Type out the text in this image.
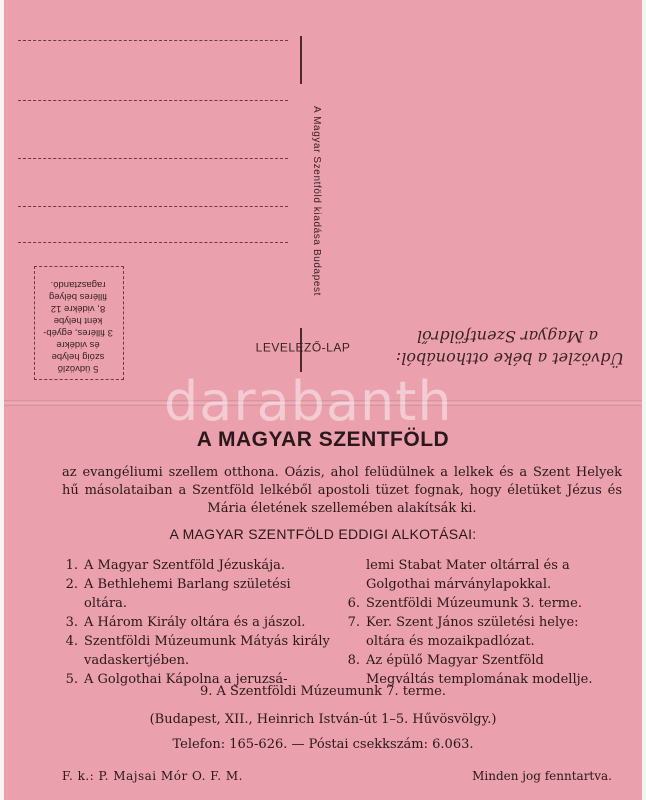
A Magyar Szentföld kiadása Budapest
LEVELEZŐ-LAP
5 üdvözlő
szóig helybe
és vidékre
3 filléres, egyéb-
ként helybe
8, vidékre 12
filléres bélyeg
ragasztandó.
Üdvözlet a béke otthonából:
a Magyar Szentföldről
A MAGYAR SZENTFÖLD
az evangéliumi szellem otthona. Oázis, ahol felüdülnek a lelkek és a Szent Helyek hű másolataiban a Szentföld lelkéből apostoli tüzet fognak, hogy életüket Jézus és Mária életének szellemében alakítsák ki.
A MAGYAR SZENTFÖLD EDDIGI ALKOTÁSAI:
1. A Magyar Szentföld Jézuskája.
2. A Bethlehemi Barlang születési oltára.
3. A Három Király oltára és a jászol.
4. Szentföldi Múzeumunk Mátyás király vadaskertjében.
5. A Golgothai Kápolna a jeruzsá-
lemi Stabat Mater oltárral és a Golgothai márványlapokkal.
6. Szentföldi Múzeumunk 3. terme.
7. Ker. Szent János születési helye: oltára és mozaikpadlózat.
8. Az épülő Magyar Szentföld Megváltás templomának modellje.
9. A Szentföldi Múzeumunk 7. terme.
(Budapest, XII., Heinrich István-út 1–5. Hűvösvölgy.)
Telefon: 165-626. — Póstai csekkszám: 6.063.
F. k.: P. Majsai Mór O. F. M.	Minden jog fenntartva.
darabanth
